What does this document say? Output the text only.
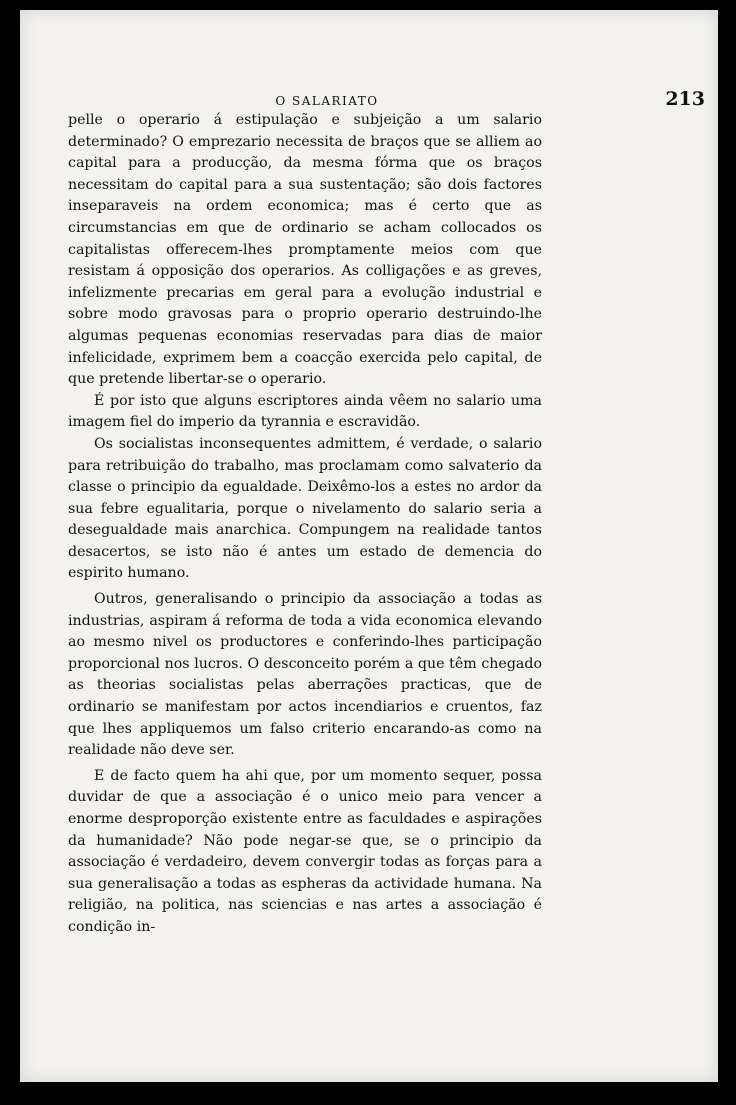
O SALARIATO	213

pelle o operario á estipulação e subjeição a um salario determinado? O emprezario necessita de braços que se alliem ao capital para a producção, da mesma fórma que os braços necessitam do capital para a sua sustentação; são dois factores inseparaveis na ordem economica; mas é certo que as circumstancias em que de ordinario se acham collocados os capitalistas offerecem-lhes promptamente meios com que resistam á opposição dos operarios. As colligações e as greves, infelizmente precarias em geral para a evolução industrial e sobre modo gravosas para o proprio operario destruindo-lhe algumas pequenas economias reservadas para dias de maior infelicidade, exprimem bem a coacção exercida pelo capital, de que pretende libertar-se o operario.

É por isto que alguns escriptores ainda vêem no salario uma imagem fiel do imperio da tyrannia e escravidão.

Os socialistas inconsequentes admittem, é verdade, o salario para retribuição do trabalho, mas proclamam como salvaterio da classe o principio da egualdade. Deixêmo-los a estes no ardor da sua febre egualitaria, porque o nivelamento do salario seria a desegualdade mais anarchica. Compungem na realidade tantos desacertos, se isto não é antes um estado de demencia do espirito humano.

Outros, generalisando o principio da associação a todas as industrias, aspiram á reforma de toda a vida economica elevando ao mesmo nivel os productores e conferindo-lhes participação proporcional nos lucros. O desconceito porém a que têm chegado as theorias socialistas pelas aberrações practicas, que de ordinario se manifestam por actos incendiarios e cruentos, faz que lhes appliquemos um falso criterio encarando-as como na realidade não deve ser.

E de facto quem ha ahi que, por um momento sequer, possa duvidar de que a associação é o unico meio para vencer a enorme desproporção existente entre as faculdades e aspirações da humanidade? Não pode negar-se que, se o principio da associação é verdadeiro, devem convergir todas as forças para a sua generalisação a todas as espheras da actividade humana. Na religião, na politica, nas sciencias e nas artes a associação é condição in-
